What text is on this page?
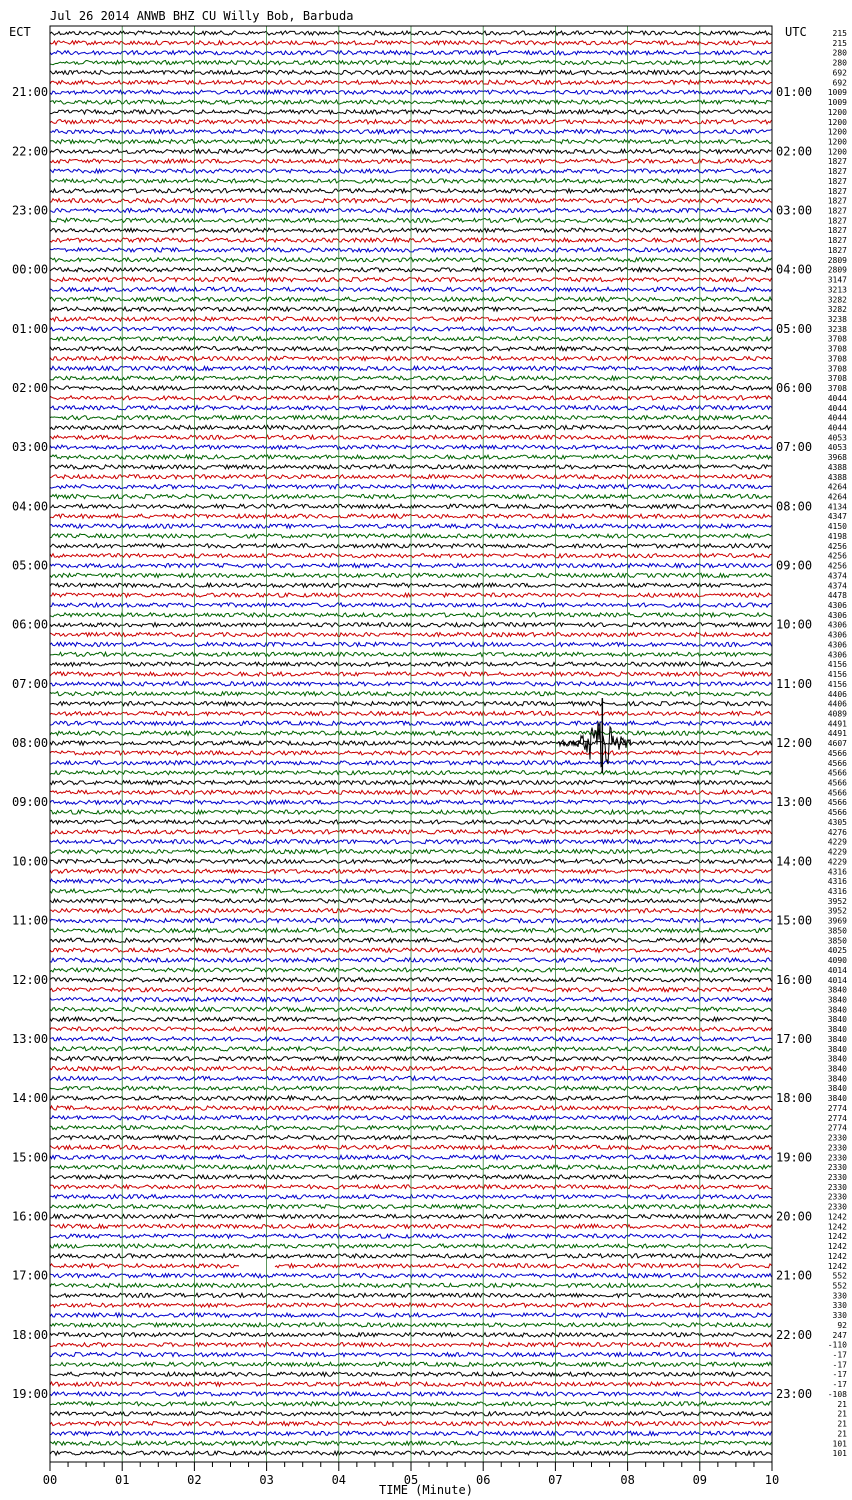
Jul 26 2014 ANWB BHZ CU Willy Bob, Barbuda
ECT	UTC
21:00
22:00
23:00
00:00
01:00
02:00
03:00
04:00
05:00
06:00
07:00
08:00
09:00
10:00
11:00
12:00
13:00
14:00
15:00
16:00
17:00
18:00
19:00
01:00
02:00
03:00
04:00
05:00
06:00
07:00
08:00
09:00
10:00
11:00
12:00
13:00
14:00
15:00
16:00
17:00
18:00
19:00
20:00
21:00
22:00
23:00
215
215
280
280
692
692
1009
1009
1200
1200
1200
1200
1200
1827
1827
1827
1827
1827
1827
1827
1827
1827
1827
2809
2809
3147
3213
3282
3282
3238
3238
3708
3708
3708
3708
3708
3708
4044
4044
4044
4044
4053
4053
3968
4388
4388
4264
4264
4134
4347
4150
4198
4256
4256
4256
4374
4374
4478
4306
4306
4306
4306
4306
4306
4156
4156
4156
4406
4406
4089
4491
4491
4607
4566
4566
4566
4566
4566
4566
4566
4305
4276
4229
4229
4229
4316
4316
4316
3952
3952
3969
3850
3850
4025
4090
4014
4014
3840
3840
3840
3840
3840
3840
3840
3840
3840
3840
3840
3840
2774
2774
2774
2330
2330
2330
2330
2330
2330
2330
2330
1242
1242
1242
1242
1242
1242
552
552
330
330
330
92
247
-110
-17
-17
-17
-17
-108
21
21
21
21
101
101
00	01	02	03	04	05	06	07	08	09	10
TIME (Minute)
